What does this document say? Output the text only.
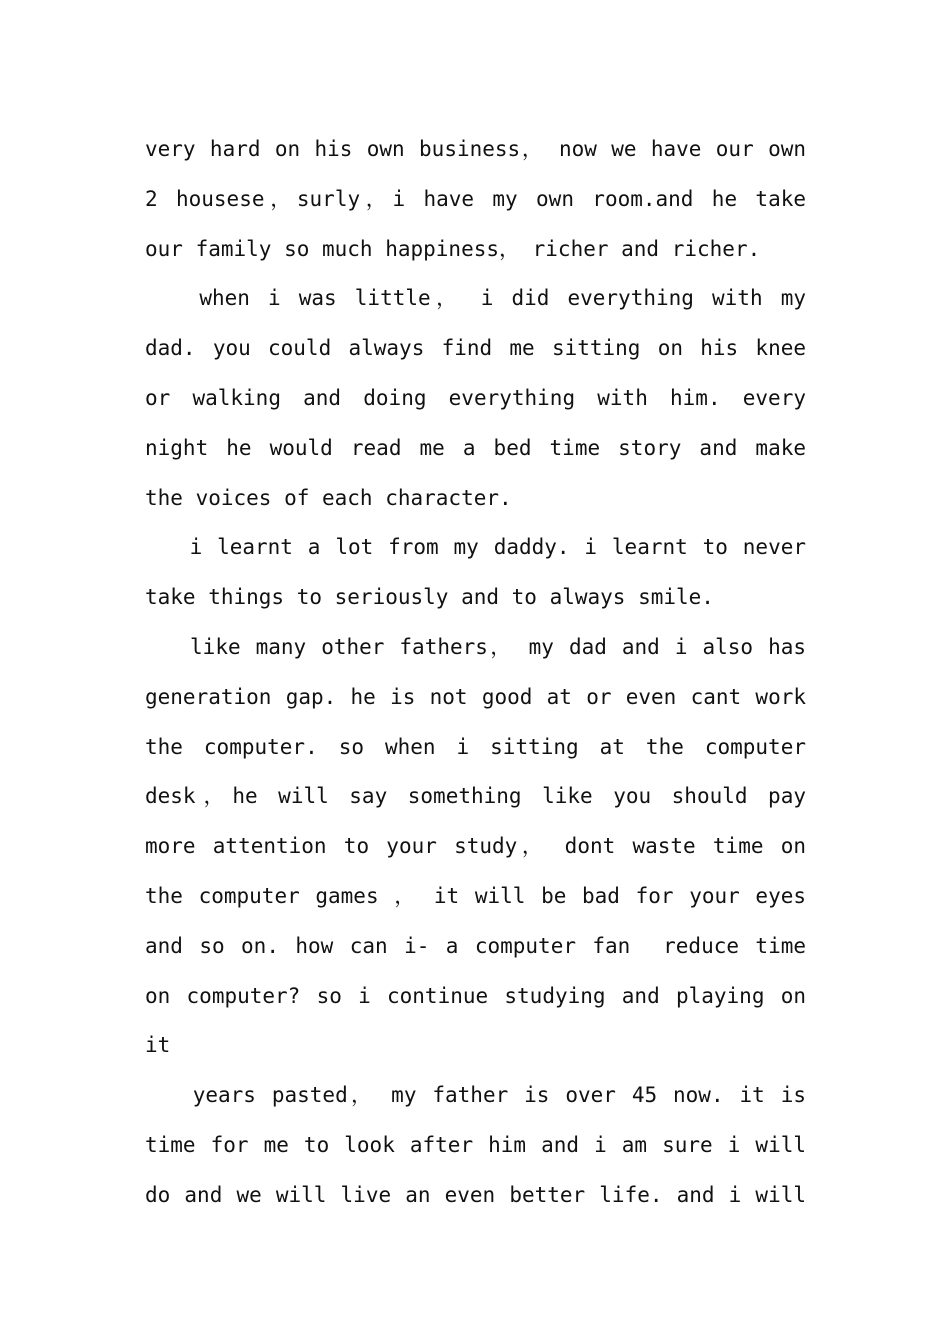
very hard on his own business， now we have our own
2 housese，surly，i have my own room.and he take
our family so much happiness， richer and richer.
when i was little， i did everything with my
dad. you could always find me sitting on his knee
or walking and doing everything with him. every
night he would read me a bed time story and make
the voices of each character.
i learnt a lot from my daddy. i learnt to never
take things to seriously and to always smile.
like many other fathers， my dad and i also has
generation gap. he is not good at or even cant work
the computer. so when i sitting at the computer
desk，he will say something like you should pay
more attention to your study， dont waste time on
the computer games ， it will be bad for your eyes
and so on. how can i- a computer fan  reduce time
on computer? so i continue studying and playing on
it
years pasted， my father is over 45 now. it is
time for me to look after him and i am sure i will
do and we will live an even better life. and i will
